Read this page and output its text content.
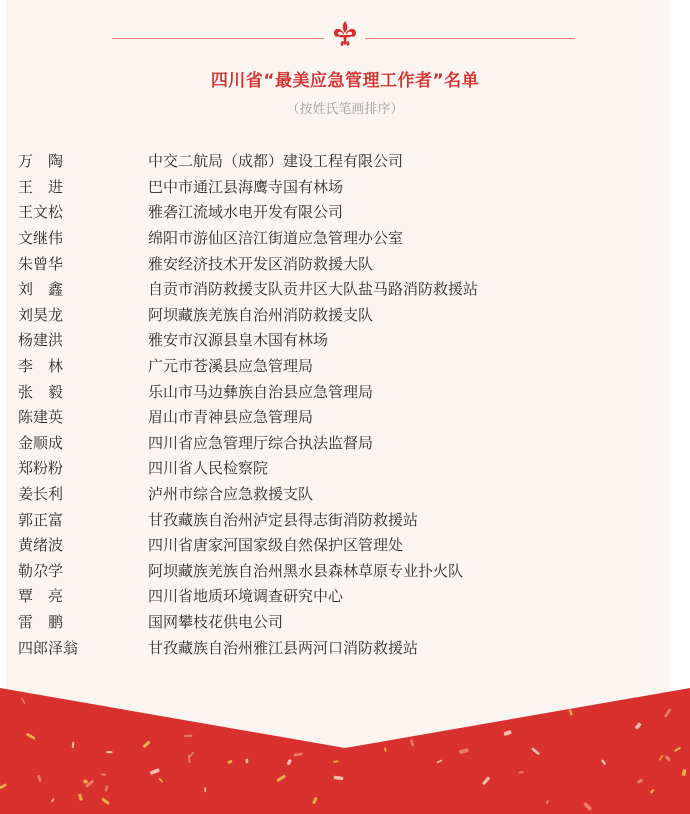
四川省“最美应急管理工作者”名单
（按姓氏笔画排序）
万　陶	中交二航局（成都）建设工程有限公司
王　进	巴中市通江县海鹰寺国有林场
王文松	雅砻江流域水电开发有限公司
文继伟	绵阳市游仙区涪江街道应急管理办公室
朱曾华	雅安经济技术开发区消防救援大队
刘　鑫	自贡市消防救援支队贡井区大队盐马路消防救援站
刘昊龙	阿坝藏族羌族自治州消防救援支队
杨建洪	雅安市汉源县皇木国有林场
李　林	广元市苍溪县应急管理局
张　毅	乐山市马边彝族自治县应急管理局
陈建英	眉山市青神县应急管理局
金顺成	四川省应急管理厅综合执法监督局
郑粉粉	四川省人民检察院
姜长利	泸州市综合应急救援支队
郭正富	甘孜藏族自治州泸定县得志街消防救援站
黄绪波	四川省唐家河国家级自然保护区管理处
勒尕学	阿坝藏族羌族自治州黑水县森林草原专业扑火队
覃　亮	四川省地质环境调查研究中心
雷　鹏	国网攀枝花供电公司
四郎泽翁	甘孜藏族自治州雅江县两河口消防救援站
